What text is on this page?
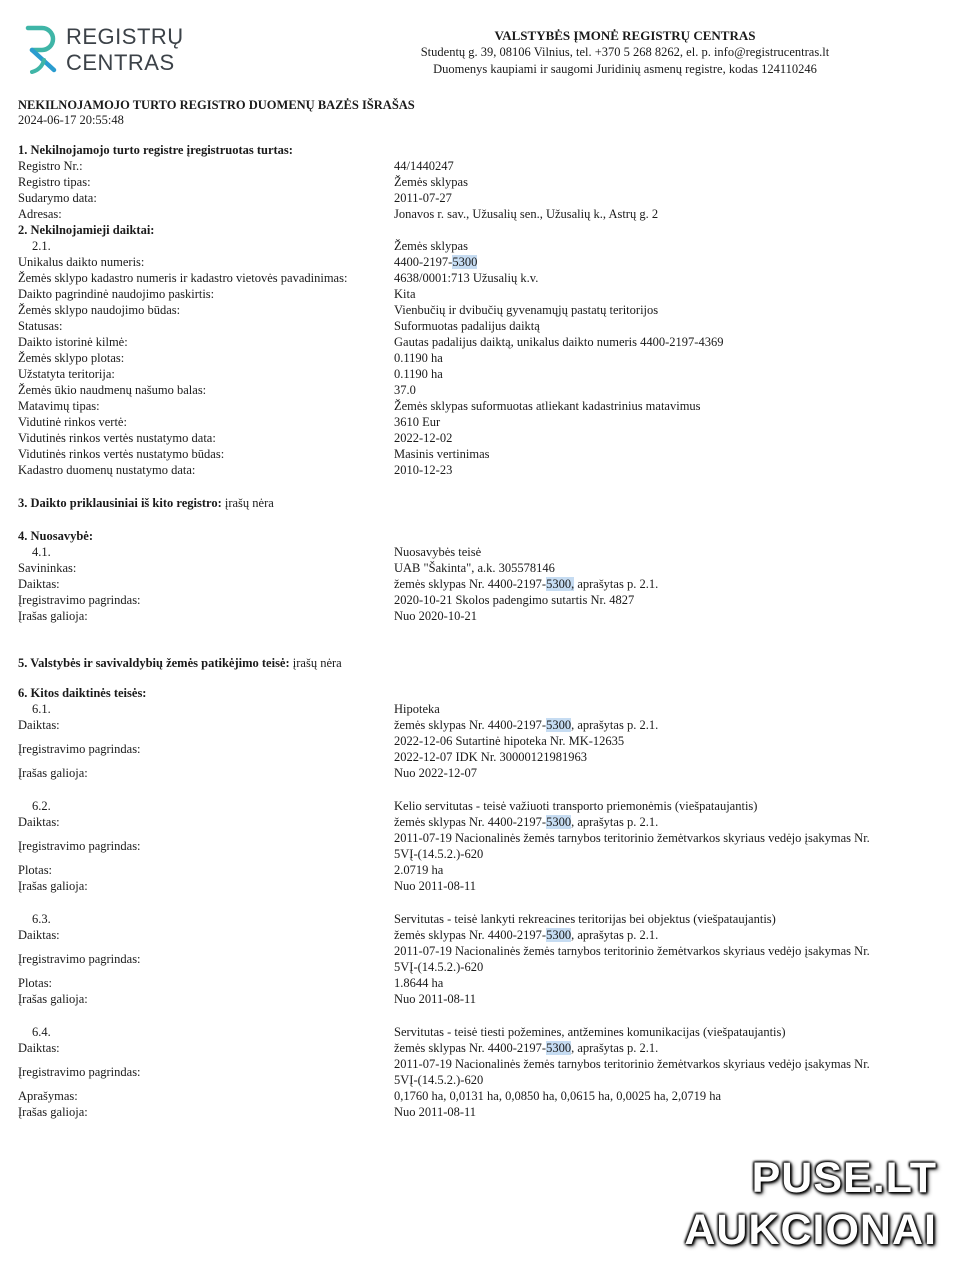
REGISTRŲ
CENTRAS
VALSTYBĖS ĮMONĖ REGISTRŲ CENTRAS
Studentų g. 39, 08106 Vilnius, tel. +370 5 268 8262, el. p. info@registrucentras.lt
Duomenys kaupiami ir saugomi Juridinių asmenų registre, kodas 124110246
NEKILNOJAMOJO TURTO REGISTRO DUOMENŲ BAZĖS IŠRAŠAS
2024-06-17 20:55:48
1. Nekilnojamojo turto registre įregistruotas turtas:
Registro Nr.:	44/1440247
Registro tipas:	Žemės sklypas
Sudarymo data:	2011-07-27
Adresas:	Jonavos r. sav., Užusalių sen., Užusalių k., Astrų g. 2
2. Nekilnojamieji daiktai:
2.1.	Žemės sklypas
Unikalus daikto numeris:	4400-2197-5300
Žemės sklypo kadastro numeris ir kadastro vietovės pavadinimas:	4638/0001:713 Užusalių k.v.
Daikto pagrindinė naudojimo paskirtis:	Kita
Žemės sklypo naudojimo būdas:	Vienbučių ir dvibučių gyvenamųjų pastatų teritorijos
Statusas:	Suformuotas padalijus daiktą
Daikto istorinė kilmė:	Gautas padalijus daiktą, unikalus daikto numeris 4400-2197-4369
Žemės sklypo plotas:	0.1190 ha
Užstatyta teritorija:	0.1190 ha
Žemės ūkio naudmenų našumo balas:	37.0
Matavimų tipas:	Žemės sklypas suformuotas atliekant kadastrinius matavimus
Vidutinė rinkos vertė:	3610 Eur
Vidutinės rinkos vertės nustatymo data:	2022-12-02
Vidutinės rinkos vertės nustatymo būdas:	Masinis vertinimas
Kadastro duomenų nustatymo data:	2010-12-23
3. Daikto priklausiniai iš kito registro: įrašų nėra
4. Nuosavybė:
4.1.	Nuosavybės teisė
Savininkas:	UAB "Šakinta", a.k. 305578146
Daiktas:	žemės sklypas Nr. 4400-2197-5300, aprašytas p. 2.1.
Įregistravimo pagrindas:	2020-10-21 Skolos padengimo sutartis Nr. 4827
Įrašas galioja:	Nuo 2020-10-21
5. Valstybės ir savivaldybių žemės patikėjimo teisė: įrašų nėra
6. Kitos daiktinės teisės:
6.1.	Hipoteka
Daiktas:	žemės sklypas Nr. 4400-2197-5300, aprašytas p. 2.1.
Įregistravimo pagrindas:
2022-12-06 Sutartinė hipoteka Nr. MK-12635
2022-12-07 IDK Nr. 30000121981963
Įrašas galioja:	Nuo 2022-12-07
6.2.	Kelio servitutas - teisė važiuoti transporto priemonėmis (viešpataujantis)
Daiktas:	žemės sklypas Nr. 4400-2197-5300, aprašytas p. 2.1.
Įregistravimo pagrindas:
2011-07-19 Nacionalinės žemės tarnybos teritorinio žemėtvarkos skyriaus vedėjo įsakymas Nr.
5VĮ-(14.5.2.)-620
Plotas:	2.0719 ha
Įrašas galioja:	Nuo 2011-08-11
6.3.	Servitutas - teisė lankyti rekreacines teritorijas bei objektus (viešpataujantis)
Daiktas:	žemės sklypas Nr. 4400-2197-5300, aprašytas p. 2.1.
Įregistravimo pagrindas:
2011-07-19 Nacionalinės žemės tarnybos teritorinio žemėtvarkos skyriaus vedėjo įsakymas Nr.
5VĮ-(14.5.2.)-620
Plotas:	1.8644 ha
Įrašas galioja:	Nuo 2011-08-11
6.4.	Servitutas - teisė tiesti požemines, antžemines komunikacijas (viešpataujantis)
Daiktas:	žemės sklypas Nr. 4400-2197-5300, aprašytas p. 2.1.
Įregistravimo pagrindas:
2011-07-19 Nacionalinės žemės tarnybos teritorinio žemėtvarkos skyriaus vedėjo įsakymas Nr.
5VĮ-(14.5.2.)-620
Aprašymas:	0,1760 ha, 0,0131 ha, 0,0850 ha, 0,0615 ha, 0,0025 ha, 2,0719 ha
Įrašas galioja:	Nuo 2011-08-11
PUSE.LT
AUKCIONAI
